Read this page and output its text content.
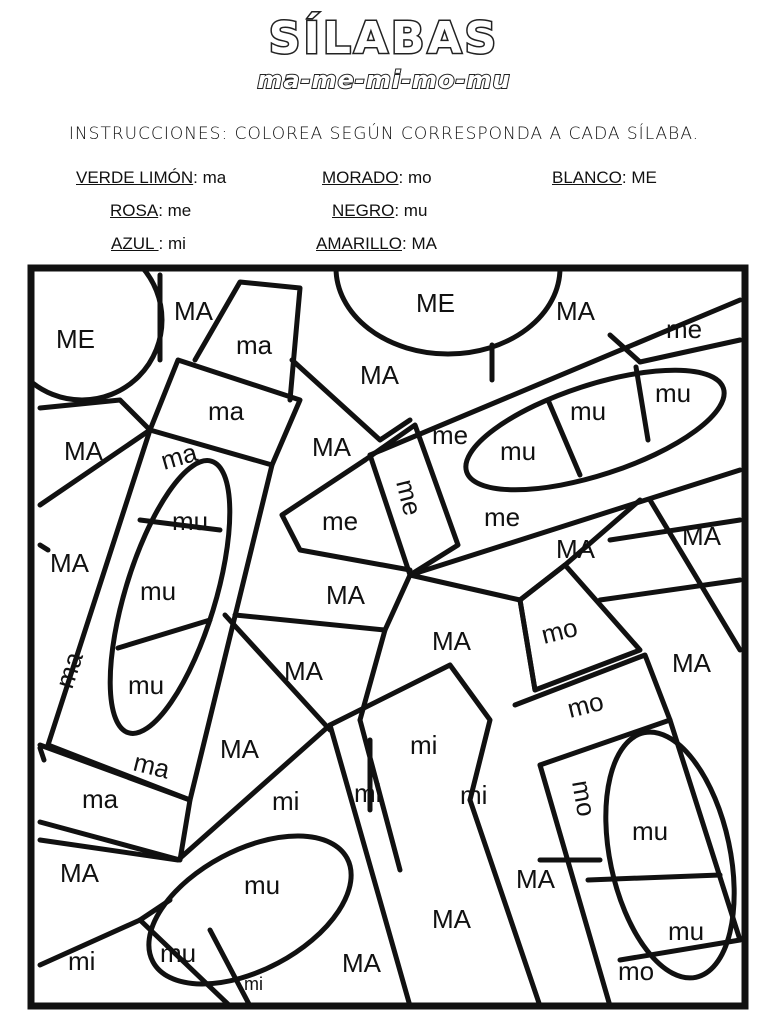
SÍLABAS
ma-me-mi-mo-mu
INSTRUCCIONES: COLOREA SEGÚN CORRESPONDA A CADA SÍLABA.
VERDE LIMÓN: ma	MORADO: mo	BLANCO: ME
ROSA: me	NEGRO: mu
AZUL : mi	AMARILLO: MA
ME
MA
ma
ME	MA
me
MA
ma
MA ma
me
mu
mu
mu
me
mu	me	me
MA
MA
mu
MA	MA
ma mu
MA
mo
MA
MA
mo
MA
ma
mi
ma	mi mi	mi	mo
mu
MA
mu
MA	MA
mi mu
mi
MA
mu
mo
MA
